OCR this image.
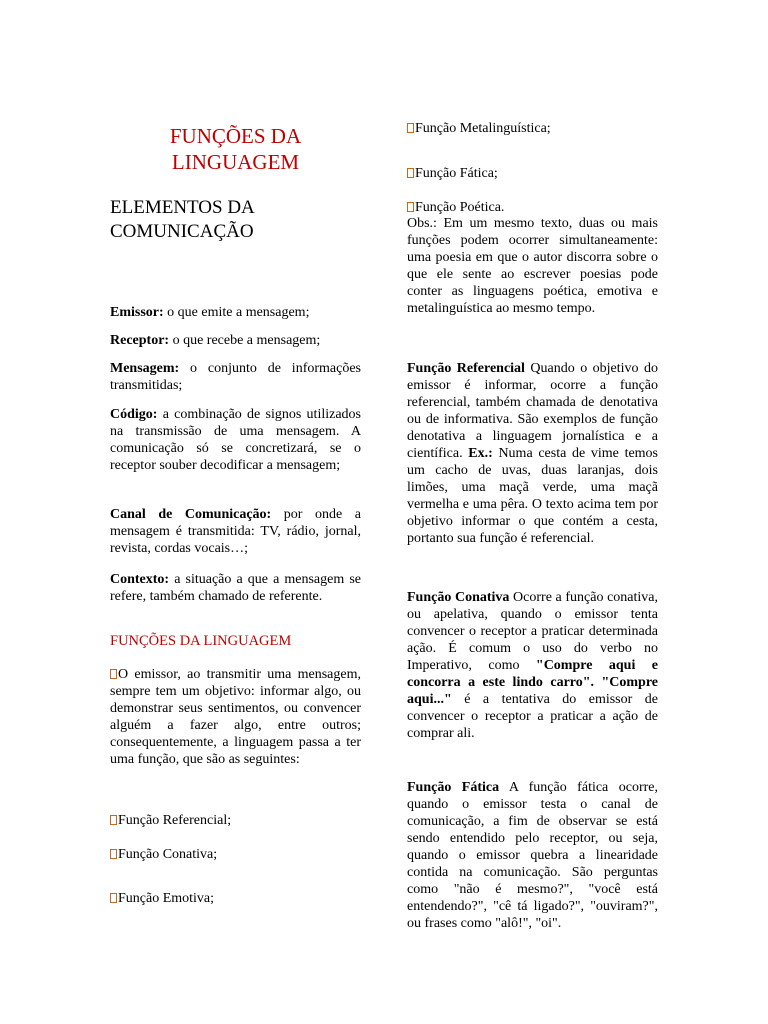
FUNÇÕES DA
LINGUAGEM
ELEMENTOS DA
COMUNICAÇÃO

Emissor: o que emite a mensagem;

Receptor: o que recebe a mensagem;

Mensagem: o conjunto de informações transmitidas;

Código: a combinação de signos utilizados na transmissão de uma mensagem. A comunicação só se concretizará, se o receptor souber decodificar a mensagem;

Canal de Comunicação: por onde a mensagem é transmitida: TV, rádio, jornal, revista, cordas vocais…;

Contexto: a situação a que a mensagem se refere, também chamado de referente.

FUNÇÕES DA LINGUAGEM

O emissor, ao transmitir uma mensagem, sempre tem um objetivo: informar algo, ou demonstrar seus sentimentos, ou convencer alguém a fazer algo, entre outros; consequentemente, a linguagem passa a ter uma função, que são as seguintes:

Função Referencial;

Função Conativa;

Função Emotiva;

Função Metalinguística;

Função Fática;

Função Poética.

Obs.: Em um mesmo texto, duas ou mais funções podem ocorrer simultaneamente: uma poesia em que o autor discorra sobre o que ele sente ao escrever poesias pode conter as linguagens poética, emotiva e metalinguística ao mesmo tempo.

Função Referencial Quando o objetivo do emissor é informar, ocorre a função referencial, também chamada de denotativa ou de informativa. São exemplos de função denotativa a linguagem jornalística e a científica. Ex.: Numa cesta de vime temos um cacho de uvas, duas laranjas, dois limões, uma maçã verde, uma maçã vermelha e uma pêra. O texto acima tem por objetivo informar o que contém a cesta, portanto sua função é referencial.

Função Conativa Ocorre a função conativa, ou apelativa, quando o emissor tenta convencer o receptor a praticar determinada ação. É comum o uso do verbo no Imperativo, como "Compre aqui e concorra a este lindo carro". "Compre aqui..." é a tentativa do emissor de convencer o receptor a praticar a ação de comprar ali.

Função Fática A função fática ocorre, quando o emissor testa o canal de comunicação, a fim de observar se está sendo entendido pelo receptor, ou seja, quando o emissor quebra a linearidade contida na comunicação. São perguntas como "não é mesmo?", "você está entendendo?", "cê tá ligado?", "ouviram?", ou frases como "alô!", "oi".
